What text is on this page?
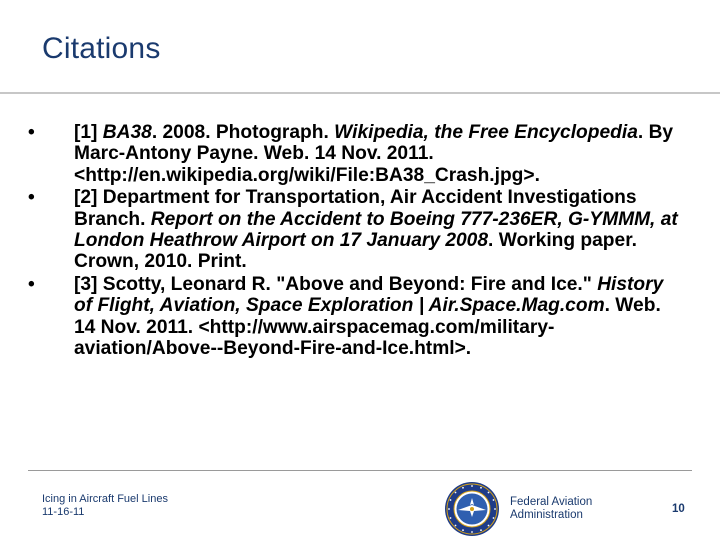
Citations
•	[1] BA38. 2008. Photograph. Wikipedia, the Free Encyclopedia. By Marc-Antony Payne. Web. 14 Nov. 2011. <http://en.wikipedia.org/wiki/File:BA38_Crash.jpg>.
•	[2] Department for Transportation, Air Accident Investigations Branch. Report on the Accident to Boeing 777-236ER, G-YMMM, at London Heathrow Airport on 17 January 2008. Working paper. Crown, 2010. Print.
•	[3] Scotty, Leonard R. "Above and Beyond: Fire and Ice." History of Flight, Aviation, Space Exploration | Air.Space.Mag.com. Web. 14 Nov. 2011. <http://www.airspacemag.com/military-aviation/Above--Beyond-Fire-and-Ice.html>.
Icing in Aircraft Fuel Lines
11-16-11
Federal Aviation
Administration	10
